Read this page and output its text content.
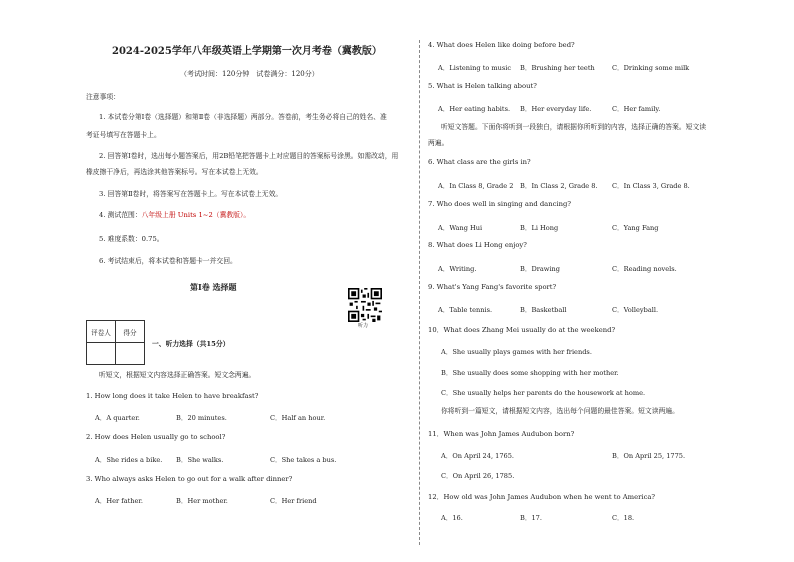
2024-2025学年八年级英语上学期第一次月考卷（冀教版）
（考试时间：120分钟　试卷满分：120分）
注意事项：
1. 本试卷分第Ⅰ卷（选择题）和第Ⅱ卷（非选择题）两部分。答卷前，考生务必将自己的姓名、准
考证号填写在答题卡上。
2. 回答第Ⅰ卷时，选出每小题答案后，用2B铅笔把答题卡上对应题目的答案标号涂黑。如需改动，用
橡皮擦干净后，再选涂其他答案标号。写在本试卷上无效。
3. 回答第Ⅱ卷时，将答案写在答题卡上。写在本试卷上无效。
4. 测试范围：八年级上册 Units 1~2（冀教版）。
5. 难度系数：0.75。
6. 考试结束后，将本试卷和答题卡一并交回。
第Ⅰ卷 选择题
听力
评卷人	得分

一、听力选择（共15分）
听短文，根据短文内容选择正确答案。短文念两遍。
1. How long does it take Helen to have breakfast?
A．A quarter.	B．20 minutes.	C．Half an hour.
2. How does Helen usually go to school?
A．She rides a bike. B．She walks.	C．She takes a bus.
3. Who always asks Helen to go out for a walk after dinner?
A．Her father.	B．Her mother.	C．Her friend
4. What does Helen like doing before bed?
A．Listening to music B．Brushing her teeth	C．Drinking some milk
5. What is Helen talking about?
A．Her eating habits. B．Her everyday life.	C．Her family.
听短文答题。下面你将听到一段独白，请根据你所听到的内容，选择正确的答案。短文读
两遍。
6. What class are the girls in?
A．In Class 8, Grade 2 B．In Class 2, Grade 8. C．In Class 3, Grade 8.
7. Who does well in singing and dancing?
A．Wang Hui	B．Li Hong	C．Yang Fang
8. What does Li Hong enjoy?
A．Writing.	B．Drawing	C．Reading novels.
9. What's Yang Fang's favorite sport?
A．Table tennis.	B．Basketball	C．Volleyball.
10．What does Zhang Mei usually do at the weekend?
A．She usually plays games with her friends.
B．She usually does some shopping with her mother.
C．She usually helps her parents do the housework at home.
你将听到一篇短文，请根据短文内容，选出每个问题的最佳答案。短文读两遍。
11．When was John James Audubon born?
A．On April 24, 1765.	B．On April 25, 1775.
C．On April 26, 1785.
12．How old was John James Audubon when he went to America?
A．16.	B．17.	C．18.
